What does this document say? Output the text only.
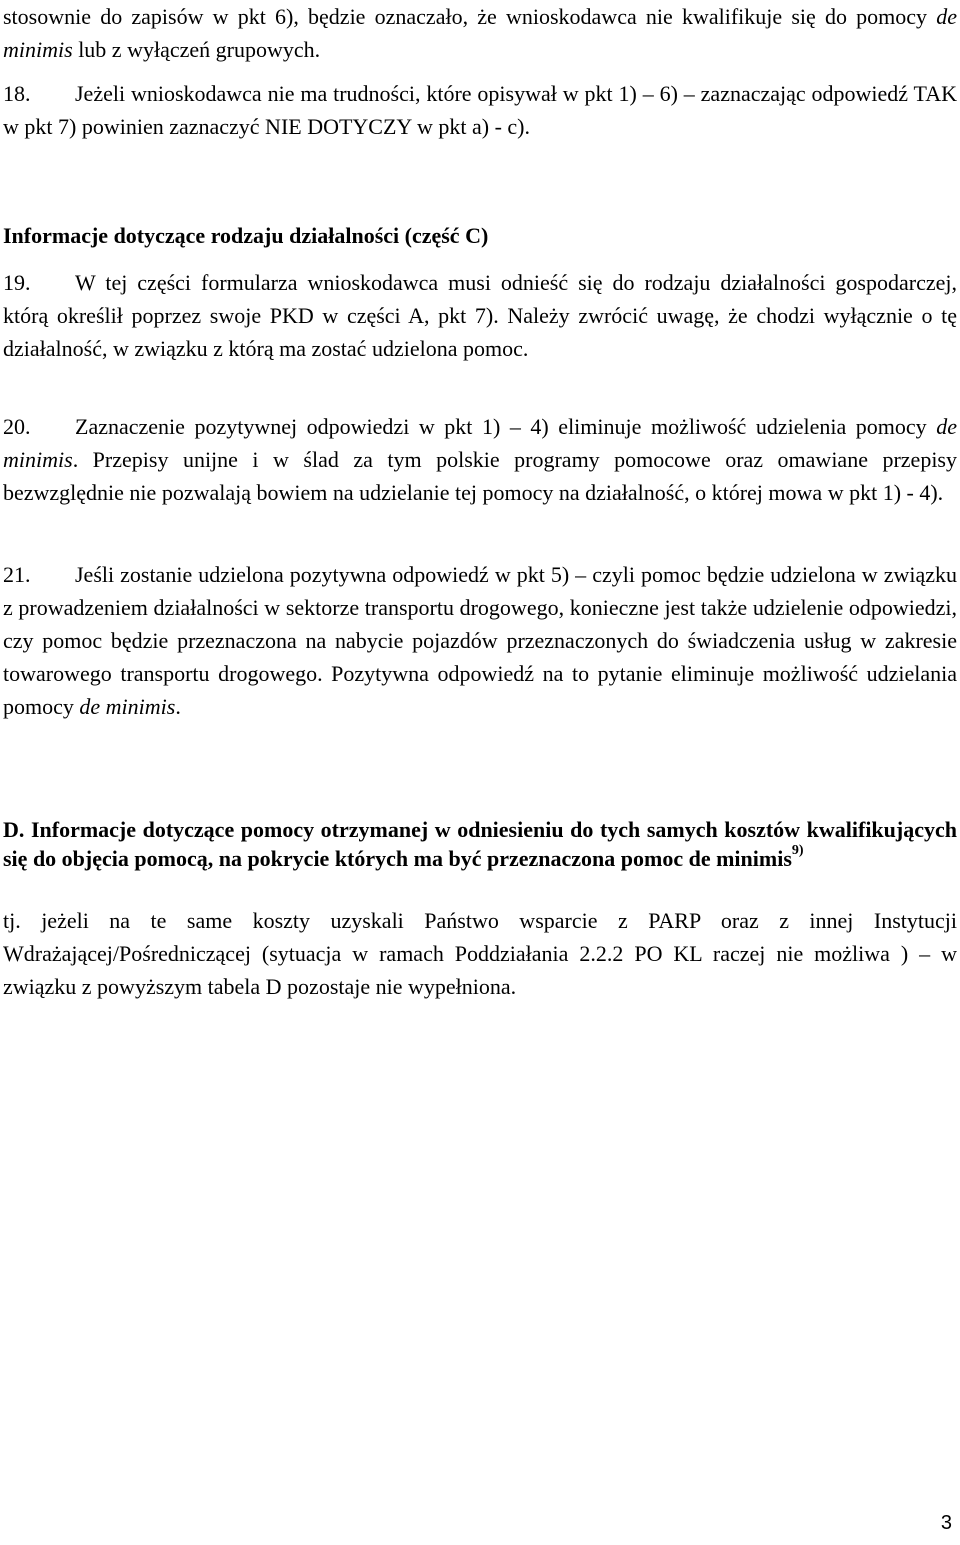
stosownie do zapisów w pkt 6), będzie oznaczało, że wnioskodawca nie kwalifikuje się do pomocy de minimis lub z wyłączeń grupowych.

18. Jeżeli wnioskodawca nie ma trudności, które opisywał w pkt 1) – 6) – zaznaczając odpowiedź TAK w pkt 7) powinien zaznaczyć NIE DOTYCZY w pkt a) - c).

Informacje dotyczące rodzaju działalności (część C)

19. W tej części formularza wnioskodawca musi odnieść się do rodzaju działalności gospodarczej, którą określił poprzez swoje PKD w części A, pkt 7). Należy zwrócić uwagę, że chodzi wyłącznie o tę działalność, w związku z którą ma zostać udzielona pomoc.

20. Zaznaczenie pozytywnej odpowiedzi w pkt 1) – 4) eliminuje możliwość udzielenia pomocy de minimis. Przepisy unijne i w ślad za tym polskie programy pomocowe oraz omawiane przepisy bezwzględnie nie pozwalają bowiem na udzielanie tej pomocy na działalność, o której mowa w pkt 1) - 4).

21. Jeśli zostanie udzielona pozytywna odpowiedź w pkt 5) – czyli pomoc będzie udzielona w związku z prowadzeniem działalności w sektorze transportu drogowego, konieczne jest także udzielenie odpowiedzi, czy pomoc będzie przeznaczona na nabycie pojazdów przeznaczonych do świadczenia usług w zakresie towarowego transportu drogowego. Pozytywna odpowiedź na to pytanie eliminuje możliwość udzielania pomocy de minimis.

D. Informacje dotyczące pomocy otrzymanej w odniesieniu do tych samych kosztów kwalifikujących się do objęcia pomocą, na pokrycie których ma być przeznaczona pomoc de minimis$^{9)}$

tj. jeżeli na te same koszty uzyskali Państwo wsparcie z PARP oraz z innej Instytucji Wdrażającej/Pośredniczącej (sytuacja w ramach Poddziałania 2.2.2 PO KL raczej nie możliwa ) – w związku z powyższym tabela D pozostaje nie wypełniona.

3
